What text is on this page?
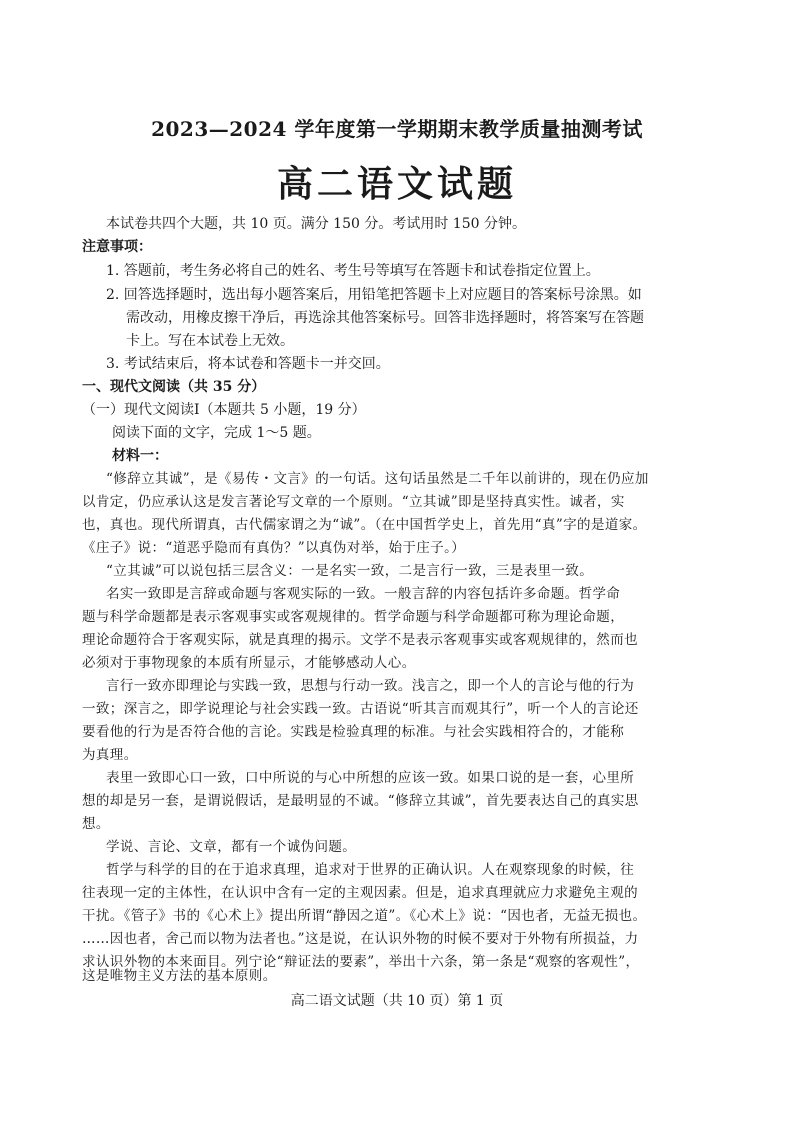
2023—2024 学年度第一学期期末教学质量抽测考试
高二语文试题
本试卷共四个大题，共 10 页。满分 150 分。考试用时 150 分钟。
注意事项：
1. 答题前，考生务必将自己的姓名、考生号等填写在答题卡和试卷指定位置上。
2. 回答选择题时，选出每小题答案后，用铅笔把答题卡上对应题目的答案标号涂黑。如
需改动，用橡皮擦干净后，再选涂其他答案标号。回答非选择题时，将答案写在答题
卡上。写在本试卷上无效。
3. 考试结束后，将本试卷和答题卡一并交回。
一、现代文阅读（共 35 分）
（一）现代文阅读Ⅰ（本题共 5 小题，19 分）
阅读下面的文字，完成 1～5 题。
材料一：
“修辞立其诚”，是《易传・文言》的一句话。这句话虽然是二千年以前讲的，现在仍应加
以肯定，仍应承认这是发言著论写文章的一个原则。“立其诚”即是坚持真实性。诚者，实
也，真也。现代所谓真，古代儒家谓之为“诚”。（在中国哲学史上，首先用“真”字的是道家。
《庄子》说：“道恶乎隐而有真伪？”以真伪对举，始于庄子。）
“立其诚”可以说包括三层含义：一是名实一致，二是言行一致，三是表里一致。
名实一致即是言辞或命题与客观实际的一致。一般言辞的内容包括许多命题。哲学命
题与科学命题都是表示客观事实或客观规律的。哲学命题与科学命题都可称为理论命题，
理论命题符合于客观实际，就是真理的揭示。文学不是表示客观事实或客观规律的，然而也
必须对于事物现象的本质有所显示，才能够感动人心。
言行一致亦即理论与实践一致，思想与行动一致。浅言之，即一个人的言论与他的行为
一致；深言之，即学说理论与社会实践一致。古语说“听其言而观其行”，听一个人的言论还
要看他的行为是否符合他的言论。实践是检验真理的标准。与社会实践相符合的，才能称
为真理。
表里一致即心口一致，口中所说的与心中所想的应该一致。如果口说的是一套，心里所
想的却是另一套，是谓说假话，是最明显的不诚。“修辞立其诚”，首先要表达自己的真实思
想。
学说、言论、文章，都有一个诚伪问题。
哲学与科学的目的在于追求真理，追求对于世界的正确认识。人在观察现象的时候，往
往表现一定的主体性，在认识中含有一定的主观因素。但是，追求真理就应力求避免主观的
干扰。《管子》书的《心术上》提出所谓“静因之道”。《心术上》说：“因也者，无益无损也。
……因也者，舍己而以物为法者也。”这是说，在认识外物的时候不要对于外物有所损益，力
求认识外物的本来面目。列宁论“辩证法的要素”，举出十六条，第一条是“观察的客观性”，
这是唯物主义方法的基本原则。
高二语文试题（共 10 页）第 1 页
